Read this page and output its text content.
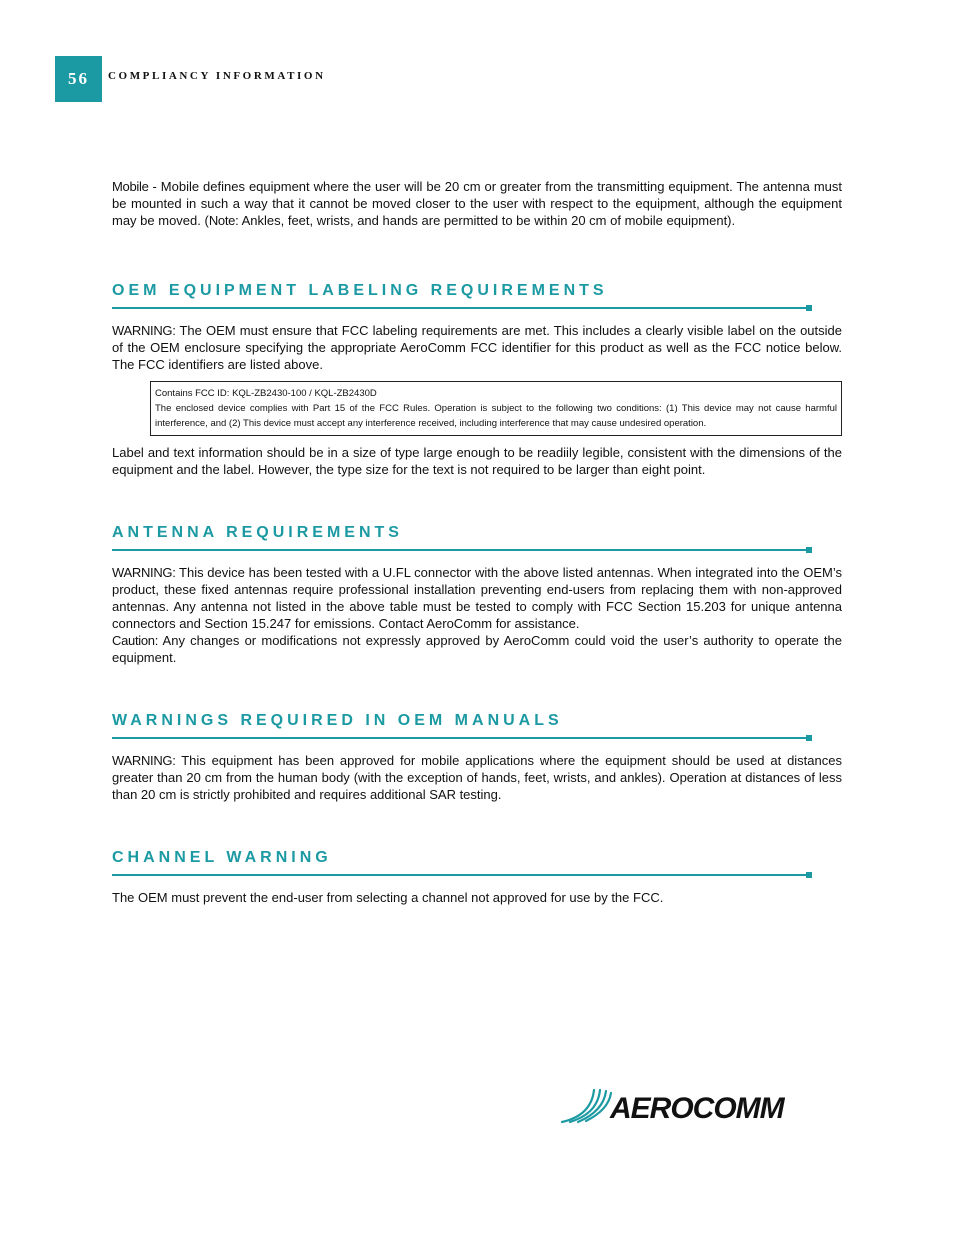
56 COMPLIANCY INFORMATION

Mobile - Mobile defines equipment where the user will be 20 cm or greater from the transmitting equipment. The antenna must be mounted in such a way that it cannot be moved closer to the user with respect to the equipment, although the equipment may be moved. (Note: Ankles, feet, wrists, and hands are permitted to be within 20 cm of mobile equipment).

OEM EQUIPMENT LABELING REQUIREMENTS

WARNING: The OEM must ensure that FCC labeling requirements are met. This includes a clearly visible label on the outside of the OEM enclosure specifying the appropriate AeroComm FCC identifier for this product as well as the FCC notice below. The FCC identifiers are listed above.

Contains FCC ID: KQL-ZB2430-100 / KQL-ZB2430D
The enclosed device complies with Part 15 of the FCC Rules. Operation is subject to the following two conditions: (1) This device may not cause harmful interference, and (2) This device must accept any interference received, including interference that may cause undesired operation.

Label and text information should be in a size of type large enough to be readiily legible, consistent with the dimensions of the equipment and the label. However, the type size for the text is not required to be larger than eight point.

ANTENNA REQUIREMENTS

WARNING: This device has been tested with a U.FL connector with the above listed antennas. When integrated into the OEM’s product, these fixed antennas require professional installation preventing end-users from replacing them with non-approved antennas. Any antenna not listed in the above table must be tested to comply with FCC Section 15.203 for unique antenna connectors and Section 15.247 for emissions. Contact AeroComm for assistance.

Caution: Any changes or modifications not expressly approved by AeroComm could void the user’s authority to operate the equipment.

WARNINGS REQUIRED IN OEM MANUALS

WARNING: This equipment has been approved for mobile applications where the equipment should be used at distances greater than 20 cm from the human body (with the exception of hands, feet, wrists, and ankles). Operation at distances of less than 20 cm is strictly prohibited and requires additional SAR testing.

CHANNEL WARNING

The OEM must prevent the end-user from selecting a channel not approved for use by the FCC.

AEROCOMM
